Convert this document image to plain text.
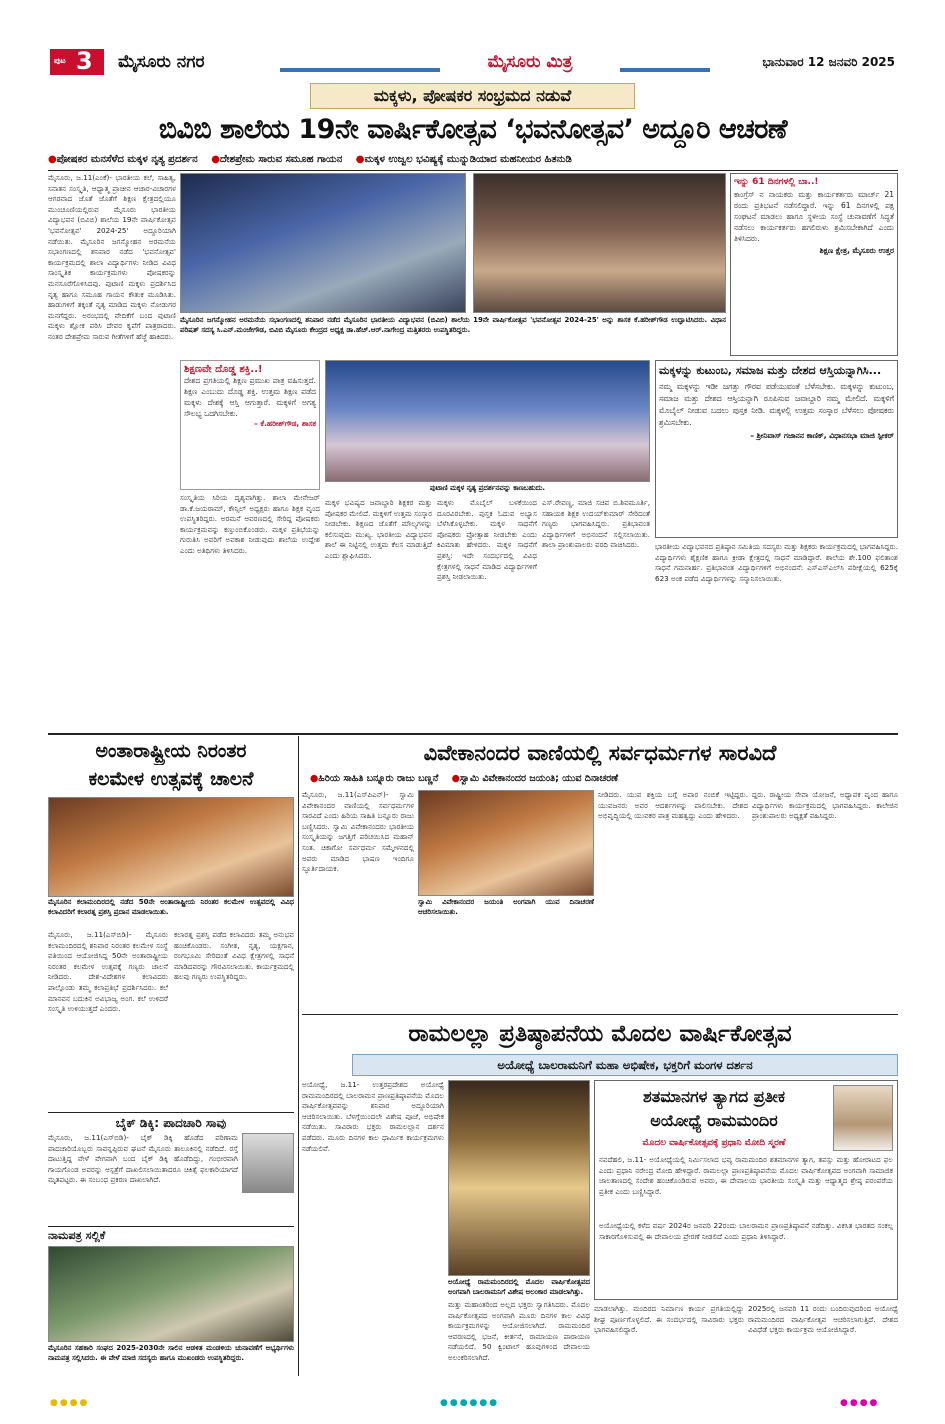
ಪುಟ 3 ಮೈಸೂರು ನಗರ	ಮೈಸೂರು ಮಿತ್ರ	ಭಾನುವಾರ 12 ಜನವರಿ 2025
ಮಕ್ಕಳು, ಪೋಷಕರ ಸಂಭ್ರಮದ ನಡುವೆ
ಬಿವಿಬಿ ಶಾಲೆಯ 19ನೇ ವಾರ್ಷಿಕೋತ್ಸವ ‘ಭವನೋತ್ಸವ’ ಅದ್ದೂರಿ ಆಚರಣೆ
●ಪೋಷಕರ ಮನಸೆಳೆದ ಮಕ್ಕಳ ನೃತ್ಯ ಪ್ರದರ್ಶನ ●ದೇಶಪ್ರೇಮ ಸಾರುವ ಸಮೂಹ ಗಾಯನ ●ಮಕ್ಕಳ ಉಜ್ವಲ ಭವಿಷ್ಯಕ್ಕೆ ಮುನ್ನುಡಿಯಾದ ಮಹನೀಯರ ಹಿತನುಡಿ
ಮೈಸೂರು, ಜ.11(ಎಂಕೆ)- ಭಾರತೀಯ ಕಲೆ, ಸಾಹಿತ್ಯ, ಸನಾತನ ಸಂಸ್ಕೃತಿ, ಆಧ್ಯಾತ್ಮ ಪ್ರಾಚೀನ ಆಚಾರ-ವಿಚಾರಗಳ ಆಗರವಾದ ಜೊತೆ ಜೊತೆಗೆ ಶಿಕ್ಷಣ ಕ್ಷೇತ್ರದಲ್ಲಿಯೂ ಮುಂಚೂಣಿಯಲ್ಲಿರುವ ಮೈಸೂರು ಭಾರತೀಯ ವಿದ್ಯಾಭವನ (ಬಿವಿಬಿ) ಶಾಲೆಯ 19ನೇ ವಾರ್ಷಿಕೋತ್ಸವ 'ಭವನೋತ್ಸವ' 2024-25' ಅದ್ದೂರಿಯಾಗಿ ನಡೆಯಿತು. ಮೈಸೂರಿನ ಜಗನ್ಮೋಹನ ಅರಮನೆಯ ಸಭಾಂಗಣದಲ್ಲಿ ಶನಿವಾರ ನಡೆದ 'ಭವನೋತ್ಸವ' ಕಾರ್ಯಕ್ರಮದಲ್ಲಿ ಶಾಲಾ ವಿದ್ಯಾರ್ಥಿಗಳು ನೀಡಿದ ವಿವಿಧ ಸಾಂಸ್ಕೃತಿಕ ಕಾರ್ಯಕ್ರಮಗಳು ಪೋಷಕರನ್ನು ಮನಸೂರೆಗೊಳಿಸಿದವು. ಪುಟಾಣಿ ಮಕ್ಕಳು ಪ್ರದರ್ಶಿಸಿದ ನೃತ್ಯ ಹಾಗೂ ಸಮೂಹ ಗಾಯನ ಕೌತುಕ ಮೂಡಿಸಿತು. ಹಾಡುಗಳಿಗೆ ತಕ್ಕಂತೆ ನೃತ್ಯ ಮಾಡಿದ ಮಕ್ಕಳು ನೋಡುಗರ ಮನಗೆದ್ದರು. ಅರಂಭದಲ್ಲಿ ವೇದಿಕೆಗೆ ಬಂದ ಪುಟಾಣಿ ಮಕ್ಕಳು ಶ್ಲೋಕ ಪಠಿಸಿ ದೇವರ ಕೃಪೆಗೆ ಪಾತ್ರರಾದರು. ನಂತರ ದೇಶಪ್ರೇಮ ಸಾರುವ ಗೀತೆಗಳಿಗೆ ಹೆಜ್ಜೆ ಹಾಕಿದರು.
ಮೈಸೂರಿನ ಜಗನ್ಮೋಹನ ಅರಮನೆಯ ಸಭಾಂಗಣದಲ್ಲಿ ಶನಿವಾರ ನಡೆದ ಮೈಸೂರಿನ ಭಾರತೀಯ ವಿದ್ಯಾಭವನ (ಬಿವಿಬಿ) ಶಾಲೆಯ 19ನೇ ವಾರ್ಷಿಕೋತ್ಸವ 'ಭವನೋತ್ಸವ 2024-25' ಅನ್ನು ಶಾಸಕ ಕೆ.ಹರೀಶ್‌ಗೌಡ ಉದ್ಘಾಟಿಸಿದರು. ವಿಧಾನ ಪರಿಷತ್ ಸದಸ್ಯ ಸಿ.ಎನ್.ಮಂಜೇಗೌಡ, ಬಿವಿಬಿ ಮೈಸೂರು ಕೇಂದ್ರದ ಅಧ್ಯಕ್ಷ ಡಾ.ಹೆಚ್.ಆರ್.ನಾಗೇಂದ್ರ ಮತ್ತಿತರರು ಉಪಸ್ಥಿತರಿದ್ದರು.
ಇನ್ನು 61 ದಿನಗಳಲ್ಲಿ ಬಾ..!
ಕಾಂಗ್ರೆಸ್ ನ ನಾಯಕರು ಮತ್ತು ಕಾರ್ಯಕರ್ತರು ಮಾರ್ಚ್ 21 ರಂದು ಪ್ರತಿಭಟನೆ ನಡೆಸಲಿದ್ದಾರೆ. ಇನ್ನು 61 ದಿನಗಳಲ್ಲಿ ಪಕ್ಷ ಸಂಘಟನೆ ಮಾಡಲು ಹಾಗೂ ಸ್ಥಳೀಯ ಸಂಸ್ಥೆ ಚುನಾವಣೆಗೆ ಸಿದ್ಧತೆ ನಡೆಸಲು ಕಾರ್ಯಕರ್ತರು ಹಗಲಿರುಳು ಶ್ರಮಿಸಬೇಕಾಗಿದೆ ಎಂದು ತಿಳಿಸಿದರು.
ಶಿಕ್ಷಣ ಕ್ಷೇತ್ರ, ಮೈಸೂರು ಉತ್ತರ
ಶಿಕ್ಷಣವೇ ದೊಡ್ಡ ಶಕ್ತಿ..!
ದೇಶದ ಪ್ರಗತಿಯಲ್ಲಿ ಶಿಕ್ಷಣ ಪ್ರಮುಖ ಪಾತ್ರ ವಹಿಸುತ್ತದೆ. ಶಿಕ್ಷಣ ಎಂಬುದು ದೊಡ್ಡ ಶಕ್ತಿ. ಉತ್ತಮ ಶಿಕ್ಷಣ ಪಡೆದ ಮಕ್ಕಳು ದೇಶಕ್ಕೆ ಆಸ್ತಿ ಆಗುತ್ತಾರೆ. ಮಕ್ಕಳಿಗೆ ಅಗತ್ಯ ಸೌಲಭ್ಯ ಒದಗಿಸಬೇಕು.
– ಕೆ.ಹರೀಶ್‌ಗೌಡ, ಶಾಸಕ
ಪುಟಾಣಿ ಮಕ್ಕಳ ನೃತ್ಯ ಪ್ರದರ್ಶನವನ್ನು ಕಾಣಬಹುದು.
ಮಕ್ಕಳನ್ನು ಕುಟುಂಬ, ಸಮಾಜ ಮತ್ತು ದೇಶದ ಆಸ್ತಿಯನ್ನಾಗಿಸಿ...
ನಮ್ಮ ಮಕ್ಕಳನ್ನು ಇಡೀ ಜಗತ್ತು ಗೌರವ ಪಡೆಯುವಂತೆ ಬೆಳೆಸಬೇಕು. ಮಕ್ಕಳನ್ನು ಕುಟುಂಬ, ಸಮಾಜ ಮತ್ತು ದೇಶದ ಆಸ್ತಿಯನ್ನಾಗಿ ರೂಪಿಸುವ ಜವಾಬ್ದಾರಿ ನಮ್ಮ ಮೇಲಿದೆ. ಮಕ್ಕಳಿಗೆ ಮೊಬೈಲ್ ನೀಡುವ ಬದಲು ಪುಸ್ತಕ ನೀಡಿ. ಮಕ್ಕಳಲ್ಲಿ ಉತ್ತಮ ಸಂಸ್ಕಾರ ಬೆಳೆಸಲು ಪೋಷಕರು ಶ್ರಮಿಸಬೇಕು.
– ಶ್ರೀನಿವಾಸ್ ಗಜಾನನ ಕಾಣಿಕ್, ವಿಧಾನಸಭಾ ಮಾಜಿ ಸ್ಪೀಕರ್
ಸಂಸ್ಕೃತಿಯ ಸಿರಿಯ ದೃಶ್ಯವಾಗಿತ್ತು. ಶಾಲಾ ಮೇನೇಜರ್ ಡಾ.ಕೆ.ಜಯರಾಮ್, ಕೌನ್ಸಿಲ್ ಅಧ್ಯಕ್ಷರು ಹಾಗೂ ಶಿಕ್ಷಕ ವೃಂದ ಉಪಸ್ಥಿತರಿದ್ದರು. ಅರಮನೆ ಆವರಣದಲ್ಲಿ ಸೇರಿದ್ದ ಪೋಷಕರು ಕಾರ್ಯಕ್ರಮವನ್ನು ಕಣ್ತುಂಬಿಕೊಂಡರು. ಮಕ್ಕಳ ಪ್ರತಿಭೆಯನ್ನು ಗುರುತಿಸಿ ಅವರಿಗೆ ಅವಕಾಶ ನೀಡುವುದು ಶಾಲೆಯ ಉದ್ದೇಶ ಎಂದು ಅತಿಥಿಗಳು ತಿಳಿಸಿದರು.
ಮಕ್ಕಳ ಭವಿಷ್ಯದ ಜವಾಬ್ದಾರಿ ಶಿಕ್ಷಕರ ಮತ್ತು ಪೋಷಕರ ಮೇಲಿದೆ. ಮಕ್ಕಳಿಗೆ ಉತ್ತಮ ಸಂಸ್ಕಾರ ನೀಡಬೇಕು. ಶಿಕ್ಷಣದ ಜೊತೆಗೆ ಮೌಲ್ಯಗಳನ್ನು ಕಲಿಸುವುದು ಮುಖ್ಯ. ಭಾರತೀಯ ವಿದ್ಯಾಭವನ ಶಾಲೆ ಈ ನಿಟ್ಟಿನಲ್ಲಿ ಉತ್ತಮ ಕೆಲಸ ಮಾಡುತ್ತಿದೆ ಎಂದು ಶ್ಲಾಘಿಸಿದರು.
ಮಕ್ಕಳು ಮೊಬೈಲ್ ಬಳಕೆಯಿಂದ ದೂರವಿರಬೇಕು. ಪುಸ್ತಕ ಓದುವ ಅಭ್ಯಾಸ ಬೆಳೆಸಿಕೊಳ್ಳಬೇಕು. ಮಕ್ಕಳ ಸಾಧನೆಗೆ ಪೋಷಕರು ಪ್ರೋತ್ಸಾಹ ನೀಡಬೇಕು ಎಂದು ಕಿವಿಮಾತು ಹೇಳಿದರು. ಮಕ್ಕಳ ಸಾಧನೆಗೆ ಪ್ರಶಸ್ತಿ: ಇದೇ ಸಂದರ್ಭದಲ್ಲಿ ವಿವಿಧ ಕ್ಷೇತ್ರಗಳಲ್ಲಿ ಸಾಧನೆ ಮಾಡಿದ ವಿದ್ಯಾರ್ಥಿಗಳಿಗೆ ಪ್ರಶಸ್ತಿ ನೀಡಲಾಯಿತು.
ಎಸ್.ರೇವಣ್ಣ, ಮಾಜಿ ಸಚಿವ ಬಿ.ಶಿವಮೂರ್ತಿ, ಸಹಾಯಕ ಶಿಕ್ಷಕ ಉದಯ್‌ಕುಮಾರ್ ಸೇರಿದಂತೆ ಗಣ್ಯರು ಭಾಗವಹಿಸಿದ್ದರು. ಪ್ರತಿಭಾವಂತ ವಿದ್ಯಾರ್ಥಿಗಳಿಗೆ ಅಭಿನಂದನೆ ಸಲ್ಲಿಸಲಾಯಿತು. ಶಾಲಾ ಪ್ರಾಂಶುಪಾಲರು ವರದಿ ವಾಚಿಸಿದರು.	ಭಾರತೀಯ ವಿದ್ಯಾಭವನದ ಪ್ರತಿಷ್ಠಾನ ಸಮಿತಿಯ ಸದಸ್ಯರು ಮತ್ತು ಶಿಕ್ಷಕರು ಕಾರ್ಯಕ್ರಮದಲ್ಲಿ ಭಾಗವಹಿಸಿದ್ದರು. ವಿದ್ಯಾರ್ಥಿಗಳು ಶೈಕ್ಷಣಿಕ ಹಾಗೂ ಕ್ರೀಡಾ ಕ್ಷೇತ್ರದಲ್ಲಿ ಸಾಧನೆ ಮಾಡಿದ್ದಾರೆ. ಶಾಲೆಯ ಶೇ.100 ಫಲಿತಾಂಶ ಸಾಧನೆ ಗಮನಾರ್ಹ. ಪ್ರತಿಭಾವಂತ ವಿದ್ಯಾರ್ಥಿಗಳಿಗೆ ಅಭಿನಂದನೆ: ಎಸ್‌ಎಸ್‌ಎಲ್‌ಸಿ ಪರೀಕ್ಷೆಯಲ್ಲಿ 625ಕ್ಕೆ 623 ಅಂಕ ಪಡೆದ ವಿದ್ಯಾರ್ಥಿಗಳನ್ನು ಸನ್ಮಾನಿಸಲಾಯಿತು.
ಅಂತಾರಾಷ್ಟ್ರೀಯ ನಿರಂತರ
ಕಲಮೇಳ ಉತ್ಸವಕ್ಕೆ ಚಾಲನೆ
ಮೈಸೂರಿನ ಕಲಾಮಂದಿರದಲ್ಲಿ ನಡೆದ 50ನೇ ಅಂತಾರಾಷ್ಟ್ರೀಯ ನಿರಂತರ ಕಲಮೇಳ ಉತ್ಸವದಲ್ಲಿ ವಿವಿಧ ಕಲಾವಿದರಿಗೆ ಕಲಾರತ್ನ ಪ್ರಶಸ್ತಿ ಪ್ರದಾನ ಮಾಡಲಾಯಿತು.
ಮೈಸೂರು, ಜ.11(ಎಸ್‌ಬಿಡಿ)- ಮೈಸೂರು ಕಲಾಮಂದಿರದಲ್ಲಿ ಶನಿವಾರ ನಿರಂತರ ಕಲಮೇಳ ಸಂಸ್ಥೆ ವತಿಯಿಂದ ಆಯೋಜಿಸಿದ್ದ 50ನೇ ಅಂತಾರಾಷ್ಟ್ರೀಯ ನಿರಂತರ ಕಲಮೇಳ ಉತ್ಸವಕ್ಕೆ ಗಣ್ಯರು ಚಾಲನೆ ನೀಡಿದರು. ದೇಶ-ವಿದೇಶಗಳ ಕಲಾವಿದರು ಪಾಲ್ಗೊಂಡು ತಮ್ಮ ಕಲಾಪ್ರತಿಭೆ ಪ್ರದರ್ಶಿಸಿದರು. ಕಲೆ ಮಾನವನ ಬದುಕಿನ ಅವಿಭಾಜ್ಯ ಅಂಗ. ಕಲೆ ಉಳಿದರೆ ಸಂಸ್ಕೃತಿ ಉಳಿಯುತ್ತದೆ ಎಂದರು.
ಕಲಾರತ್ನ ಪ್ರಶಸ್ತಿ ಪಡೆದ ಕಲಾವಿದರು ತಮ್ಮ ಅನುಭವ ಹಂಚಿಕೊಂಡರು. ಸಂಗೀತ, ನೃತ್ಯ, ಯಕ್ಷಗಾನ, ರಂಗಭೂಮಿ ಸೇರಿದಂತೆ ವಿವಿಧ ಕ್ಷೇತ್ರಗಳಲ್ಲಿ ಸಾಧನೆ ಮಾಡಿದವರನ್ನು ಗೌರವಿಸಲಾಯಿತು. ಕಾರ್ಯಕ್ರಮದಲ್ಲಿ ಹಲವು ಗಣ್ಯರು ಉಪಸ್ಥಿತರಿದ್ದರು.
ಬೈಕ್ ಡಿಕ್ಕಿ: ಪಾದಚಾರಿ ಸಾವು
ಮೈಸೂರು, ಜ.11(ಎಸ್‌ಬಿಡಿ)- ಬೈಕ್ ಡಿಕ್ಕಿ ಹೊಡೆದ ಪರಿಣಾಮ ಪಾದಚಾರಿಯೊಬ್ಬರು ಸಾವನ್ನಪ್ಪಿರುವ ಘಟನೆ ಮೈಸೂರು ತಾಲೂಕಿನಲ್ಲಿ ನಡೆದಿದೆ. ರಸ್ತೆ ದಾಟುತ್ತಿದ್ದ ವೇಳೆ ವೇಗವಾಗಿ ಬಂದ ಬೈಕ್ ಡಿಕ್ಕಿ ಹೊಡೆದಿದ್ದು, ಗಂಭೀರವಾಗಿ ಗಾಯಗೊಂಡ ಅವರನ್ನು ಆಸ್ಪತ್ರೆಗೆ ದಾಖಲಿಸಲಾಯಿತಾದರೂ ಚಿಕಿತ್ಸೆ ಫಲಕಾರಿಯಾಗದೆ ಮೃತಪಟ್ಟರು. ಈ ಸಂಬಂಧ ಪ್ರಕರಣ ದಾಖಲಾಗಿದೆ.
ನಾಮಪತ್ರ ಸಲ್ಲಿಕೆ
ಮೈಸೂರಿನ ಸಹಕಾರಿ ಸಂಘದ 2025-2030ನೇ ಸಾಲಿನ ಆಡಳಿತ ಮಂಡಳಿಯ ಚುನಾವಣೆಗೆ ಅಭ್ಯರ್ಥಿಗಳು ನಾಮಪತ್ರ ಸಲ್ಲಿಸಿದರು. ಈ ವೇಳೆ ಮಾಜಿ ಸದಸ್ಯರು ಹಾಗೂ ಮುಖಂಡರು ಉಪಸ್ಥಿತರಿದ್ದರು.
ವಿವೇಕಾನಂದರ ವಾಣಿಯಲ್ಲಿ ಸರ್ವಧರ್ಮಗಳ ಸಾರವಿದೆ
●ಹಿರಿಯ ಸಾಹಿತಿ ಬನ್ನೂರು ರಾಜು ಬಣ್ಣನೆ ●ಸ್ವಾಮಿ ವಿವೇಕಾನಂದರ ಜಯಂತಿ; ಯುವ ದಿನಾಚರಣೆ
ಮೈಸೂರು, ಜ.11(ಎಸ್‌ಪಿಎನ್)- ಸ್ವಾಮಿ ವಿವೇಕಾನಂದರ ವಾಣಿಯಲ್ಲಿ ಸರ್ವಧರ್ಮಗಳ ಸಾರವಿದೆ ಎಂದು ಹಿರಿಯ ಸಾಹಿತಿ ಬನ್ನೂರು ರಾಜು ಬಣ್ಣಿಸಿದರು. ಸ್ವಾಮಿ ವಿವೇಕಾನಂದರು ಭಾರತೀಯ ಸಂಸ್ಕೃತಿಯನ್ನು ಜಗತ್ತಿಗೆ ಪರಿಚಯಿಸಿದ ಮಹಾನ್ ಸಂತ. ಚಿಕಾಗೋ ಸರ್ವಧರ್ಮ ಸಮ್ಮೇಳನದಲ್ಲಿ ಅವರು ಮಾಡಿದ ಭಾಷಣ ಇಂದಿಗೂ ಸ್ಫೂರ್ತಿದಾಯಕ.
ಸ್ವಾಮಿ ವಿವೇಕಾನಂದರ ಜಯಂತಿ ಅಂಗವಾಗಿ ಯುವ ದಿನಾಚರಣೆ ಆಚರಿಸಲಾಯಿತು.
ನೀಡಿದರು. ಯುವ ಶಕ್ತಿಯ ಬಗ್ಗೆ ಅಪಾರ ನಂಬಿಕೆ ಇಟ್ಟಿದ್ದರು. ಯುವಜನರು ಅವರ ಆದರ್ಶಗಳನ್ನು ಪಾಲಿಸಬೇಕು. ದೇಶದ ಅಭಿವೃದ್ಧಿಯಲ್ಲಿ ಯುವಕರ ಪಾತ್ರ ಮಹತ್ವದ್ದು ಎಂದು ಹೇಳಿದರು.
ದ್ದರು. ರಾಷ್ಟ್ರೀಯ ಸೇವಾ ಯೋಜನೆ, ಅಧ್ಯಾಪಕ ವೃಂದ ಹಾಗೂ ವಿದ್ಯಾರ್ಥಿಗಳು ಕಾರ್ಯಕ್ರಮದಲ್ಲಿ ಭಾಗವಹಿಸಿದ್ದರು. ಕಾಲೇಜಿನ ಪ್ರಾಂಶುಪಾಲರು ಅಧ್ಯಕ್ಷತೆ ವಹಿಸಿದ್ದರು.
ರಾಮಲಲ್ಲಾ ಪ್ರತಿಷ್ಠಾಪನೆಯ ಮೊದಲ ವಾರ್ಷಿಕೋತ್ಸವ
ಅಯೋಧ್ಯೆ ಬಾಲರಾಮನಿಗೆ ಮಹಾ ಅಭಿಷೇಕ, ಭಕ್ತರಿಗೆ ಮಂಗಳ ದರ್ಶನ
ಅಯೋಧ್ಯೆ, ಜ.11- ಉತ್ತರಪ್ರದೇಶದ ಅಯೋಧ್ಯೆ ರಾಮಮಂದಿರದಲ್ಲಿ ಬಾಲರಾಮನ ಪ್ರಾಣಪ್ರತಿಷ್ಠಾಪನೆಯ ಮೊದಲ ವಾರ್ಷಿಕೋತ್ಸವವನ್ನು ಶನಿವಾರ ಅದ್ದೂರಿಯಾಗಿ ಆಚರಿಸಲಾಯಿತು. ಬೆಳಗ್ಗೆಯಿಂದಲೇ ವಿಶೇಷ ಪೂಜೆ, ಅಭಿಷೇಕ ನಡೆಯಿತು. ಸಾವಿರಾರು ಭಕ್ತರು ರಾಮಲಲ್ಲಾನ ದರ್ಶನ ಪಡೆದರು. ಮೂರು ದಿನಗಳ ಕಾಲ ಧಾರ್ಮಿಕ ಕಾರ್ಯಕ್ರಮಗಳು ನಡೆಯಲಿವೆ.
ಅಯೋಧ್ಯೆ ರಾಮಮಂದಿರದಲ್ಲಿ ಮೊದಲ ವಾರ್ಷಿಕೋತ್ಸವದ ಅಂಗವಾಗಿ ಬಾಲರಾಮನಿಗೆ ವಿಶೇಷ ಅಲಂಕಾರ ಮಾಡಲಾಗಿತ್ತು.
ಮತ್ತು ಮಹಾಂತರಿಂದ ಅಲ್ಲದ ಭಕ್ತರು ಸ್ವಾಗತಿಸಿದರು. ಮೊದಲ ವಾರ್ಷಿಕೋತ್ಸವದ ಅಂಗವಾಗಿ ಮೂರು ದಿನಗಳ ಕಾಲ ವಿವಿಧ ಕಾರ್ಯಕ್ರಮಗಳನ್ನು ಆಯೋಜಿಸಲಾಗಿದೆ. ರಾಮಮಂದಿರ ಆವರಣದಲ್ಲಿ ಭಜನೆ, ಕೀರ್ತನೆ, ರಾಮಾಯಣ ಪಾರಾಯಣ ನಡೆಯಲಿದೆ. 50 ಕ್ವಿಂಟಾಲ್ ಹೂವುಗಳಿಂದ ದೇವಾಲಯ ಅಲಂಕರಿಸಲಾಗಿದೆ.
ಶತಮಾನಗಳ ತ್ಯಾಗದ ಪ್ರತೀಕ
ಅಯೋಧ್ಯೆ ರಾಮಮಂದಿರ
ಮೊದಲ ವಾರ್ಷಿಕೋತ್ಸವಕ್ಕೆ ಪ್ರಧಾನಿ ಮೋದಿ ಸ್ಮರಣೆ
ನವದೆಹಲಿ, ಜ.11- ಅಯೋಧ್ಯೆಯಲ್ಲಿ ನಿರ್ಮಿಸಲಾದ ಭವ್ಯ ರಾಮಮಂದಿರ ಶತಮಾನಗಳ ತ್ಯಾಗ, ತಪಸ್ಸು ಮತ್ತು ಹೋರಾಟದ ಫಲ ಎಂದು ಪ್ರಧಾನಿ ನರೇಂದ್ರ ಮೋದಿ ಹೇಳಿದ್ದಾರೆ. ರಾಮಲಲ್ಲಾ ಪ್ರಾಣಪ್ರತಿಷ್ಠಾಪನೆಯ ಮೊದಲ ವಾರ್ಷಿಕೋತ್ಸವದ ಅಂಗವಾಗಿ ಸಾಮಾಜಿಕ ಜಾಲತಾಣದಲ್ಲಿ ಸಂದೇಶ ಹಂಚಿಕೊಂಡಿರುವ ಅವರು, ಈ ದೇವಾಲಯ ಭಾರತೀಯ ಸಂಸ್ಕೃತಿ ಮತ್ತು ಆಧ್ಯಾತ್ಮದ ಶ್ರೇಷ್ಠ ಪರಂಪರೆಯ ಪ್ರತೀಕ ಎಂದು ಬಣ್ಣಿಸಿದ್ದಾರೆ.
ಅಯೋಧ್ಯೆಯಲ್ಲಿ ಕಳೆದ ವರ್ಷ 2024ರ ಜನವರಿ 22ರಂದು ಬಾಲರಾಮನ ಪ್ರಾಣಪ್ರತಿಷ್ಠಾಪನೆ ನಡೆದಿತ್ತು. ವಿಕಸಿತ ಭಾರತದ ಸಂಕಲ್ಪ ಸಾಕಾರಗೊಳಿಸುವಲ್ಲಿ ಈ ದೇವಾಲಯ ಪ್ರೇರಣೆ ನೀಡಲಿದೆ ಎಂದು ಪ್ರಧಾನಿ ತಿಳಿಸಿದ್ದಾರೆ.
ಮಾಡಲಾಗಿತ್ತು. ಮಂದಿರದ ನಿರ್ಮಾಣ ಕಾರ್ಯ ಪ್ರಗತಿಯಲ್ಲಿದ್ದು ಶೀಘ್ರ ಪೂರ್ಣಗೊಳ್ಳಲಿದೆ. ಈ ಸಂದರ್ಭದಲ್ಲಿ ಸಾವಿರಾರು ಭಕ್ತರು ಭಾಗವಹಿಸಲಿದ್ದಾರೆ.
2025ರಲ್ಲಿ ಜನವರಿ 11 ರಂದು ಬಂದಿರುವುದರಿಂದ ಅಯೋಧ್ಯೆ ರಾಮಮಂದಿರದ ವಾರ್ಷಿಕೋತ್ಸವ ಆಚರಿಸಲಾಗುತ್ತಿದೆ. ದೇಶದ ವಿವಿಧೆಡೆ ಭಕ್ತರು ಕಾರ್ಯಕ್ರಮ ಆಯೋಜಿಸಿದ್ದಾರೆ.
●●●●●●	●●●●
●●●●
